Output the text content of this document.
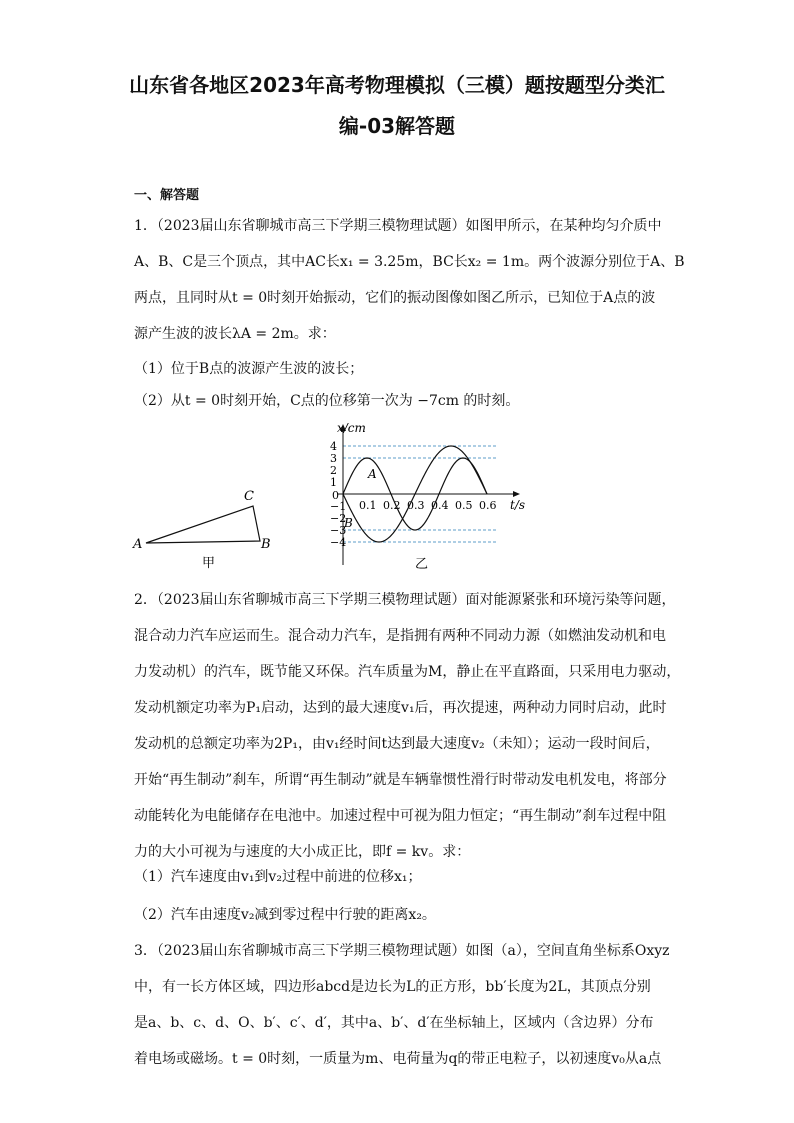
山东省各地区2023年高考物理模拟（三模）题按题型分类汇
编-03解答题
一、解答题
1．（2023届山东省聊城市高三下学期三模物理试题）如图甲所示，在某种均匀介质中
A、B、C是三个顶点，其中AC长x₁ = 3.25m，BC长x₂ = 1m。两个波源分别位于A、B
两点，且同时从t = 0时刻开始振动，它们的振动图像如图乙所示，已知位于A点的波
源产生波的波长λA = 2m。求：
（1）位于B点的波源产生波的波长；
（2）从t = 0时刻开始，C点的位移第一次为 −7cm 的时刻。
A
C
B
甲
x/cm
t/s
0
4
3
2
1
−1
−2
−3
−4
0.1 0.2 0.3 0.4 0.5 0.6
A
B
乙
2．（2023届山东省聊城市高三下学期三模物理试题）面对能源紧张和环境污染等问题，
混合动力汽车应运而生。混合动力汽车，是指拥有两种不同动力源（如燃油发动机和电
力发动机）的汽车，既节能又环保。汽车质量为M，静止在平直路面，只采用电力驱动，
发动机额定功率为P₁启动，达到的最大速度v₁后，再次提速，两种动力同时启动，此时
发动机的总额定功率为2P₁，由v₁经时间t达到最大速度v₂（未知）；运动一段时间后，
开始“再生制动”刹车，所谓“再生制动”就是车辆靠惯性滑行时带动发电机发电，将部分
动能转化为电能储存在电池中。加速过程中可视为阻力恒定；“再生制动”刹车过程中阻
力的大小可视为与速度的大小成正比，即f = kv。求：
（1）汽车速度由v₁到v₂过程中前进的位移x₁；
（2）汽车由速度v₂减到零过程中行驶的距离x₂。
3．（2023届山东省聊城市高三下学期三模物理试题）如图（a），空间直角坐标系Oxyz
中，有一长方体区域，四边形abcd是边长为L的正方形，bb′长度为2L，其顶点分别
是a、b、c、d、O、b′、c′、d′，其中a、b′、d′在坐标轴上，区域内（含边界）分布
着电场或磁场。t = 0时刻，一质量为m、电荷量为q的带正电粒子，以初速度v₀从a点
